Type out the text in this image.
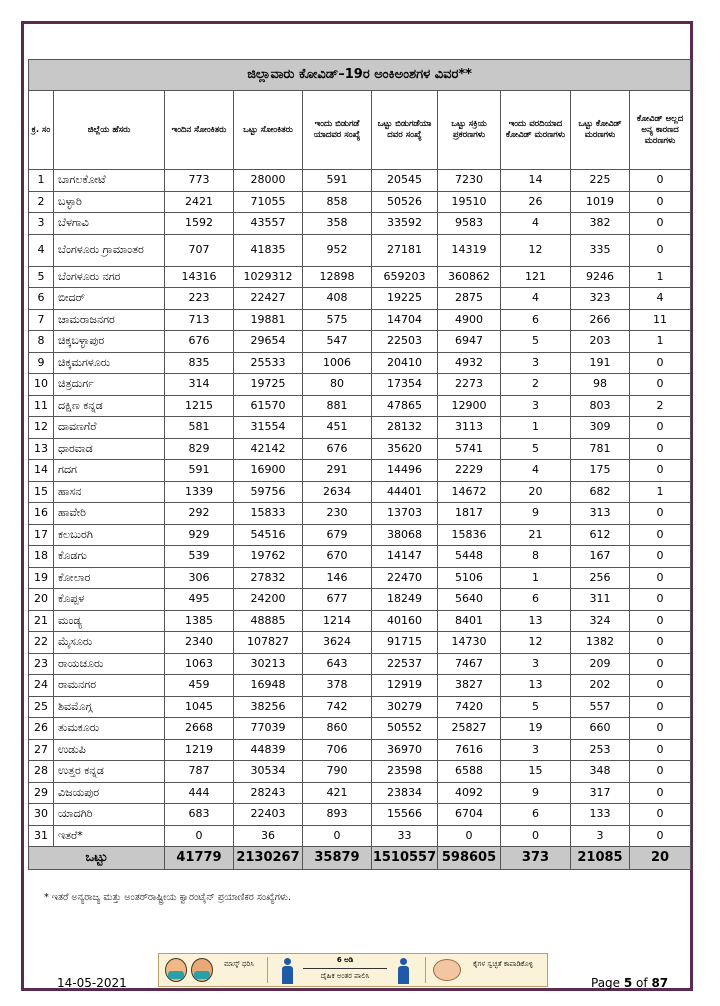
ಜಿಲ್ಲಾವಾರು ಕೋವಿಡ್–19ರ ಅಂಕಿಅಂಶಗಳ ವಿವರ**									
ಕ್ರ. ಸಂ	ಜಿಲ್ಲೆಯ ಹೆಸರು	ಇಂದಿನ ಸೋಂಕಿತರು	ಒಟ್ಟು ಸೋಂಕಿತರು	ಇಂದು ಬಿಡುಗಡೆ ಯಾದವರ ಸಂಖ್ಯೆ	ಒಟ್ಟು ಬಿಡುಗಡೆಯಾ ದವರ ಸಂಖ್ಯೆ	ಒಟ್ಟು ಸಕ್ರಿಯ ಪ್ರಕರಣಗಳು	ಇಂದು ವರದಿಯಾದ ಕೋವಿಡ್ ಮರಣಗಳು	ಒಟ್ಟು ಕೋವಿಡ್ ಮರಣಗಳು	ಕೋವಿಡ್ ಅಲ್ಲದ ಅನ್ಯ ಕಾರಣದ ಮರಣಗಳು
1	ಬಾಗಲಕೋಟೆ	773	28000	591	20545	7230	14	225	0
2	ಬಳ್ಳಾರಿ	2421	71055	858	50526	19510	26	1019	0
3	ಬೆಳಗಾವಿ	1592	43557	358	33592	9583	4	382	0
4	ಬೆಂಗಳೂರು ಗ್ರಾಮಾಂತರ	707	41835	952	27181	14319	12	335	0
5	ಬೆಂಗಳೂರು ನಗರ	14316	1029312	12898	659203	360862	121	9246	1
6	ಬೀದರ್	223	22427	408	19225	2875	4	323	4
7	ಚಾಮರಾಜನಗರ	713	19881	575	14704	4900	6	266	11
8	ಚಿಕ್ಕಬಳ್ಳಾಪುರ	676	29654	547	22503	6947	5	203	1
9	ಚಿಕ್ಕಮಗಳೂರು	835	25533	1006	20410	4932	3	191	0
10	ಚಿತ್ರದುರ್ಗ	314	19725	80	17354	2273	2	98	0
11	ದಕ್ಷಿಣ ಕನ್ನಡ	1215	61570	881	47865	12900	3	803	2
12	ದಾವಣಗೆರೆ	581	31554	451	28132	3113	1	309	0
13	ಧಾರವಾಡ	829	42142	676	35620	5741	5	781	0
14	ಗದಗ	591	16900	291	14496	2229	4	175	0
15	ಹಾಸನ	1339	59756	2634	44401	14672	20	682	1
16	ಹಾವೇರಿ	292	15833	230	13703	1817	9	313	0
17	ಕಲಬುರಗಿ	929	54516	679	38068	15836	21	612	0
18	ಕೊಡಗು	539	19762	670	14147	5448	8	167	0
19	ಕೋಲಾರ	306	27832	146	22470	5106	1	256	0
20	ಕೊಪ್ಪಳ	495	24200	677	18249	5640	6	311	0
21	ಮಂಡ್ಯ	1385	48885	1214	40160	8401	13	324	0
22	ಮೈಸೂರು	2340	107827	3624	91715	14730	12	1382	0
23	ರಾಯಚೂರು	1063	30213	643	22537	7467	3	209	0
24	ರಾಮನಗರ	459	16948	378	12919	3827	13	202	0
25	ಶಿವಮೊಗ್ಗ	1045	38256	742	30279	7420	5	557	0
26	ತುಮಕೂರು	2668	77039	860	50552	25827	19	660	0
27	ಉಡುಪಿ	1219	44839	706	36970	7616	3	253	0
28	ಉತ್ತರ ಕನ್ನಡ	787	30534	790	23598	6588	15	348	0
29	ವಿಜಯಪುರ	444	28243	421	23834	4092	9	317	0
30	ಯಾದಗಿರಿ	683	22403	893	15566	6704	6	133	0
31	ಇತರೆ*	0	36	0	33	0	0	3	0
ಒಟ್ಟು		41779	2130267	35879	1510557	598605	373	21085	20
* ಇತರೆ ಅನ್ಯರಾಜ್ಯ ಮತ್ತು ಅಂತರ್‌ರಾಷ್ಟ್ರೀಯ ಕ್ವಾರಂಟೈನ್ ಪ್ರಯಾಣಿಕರ ಸಂಖ್ಯೆಗಳು.
ಮಾಸ್ಕ್ ಧರಿಸಿ	6 ಅಡಿ
ದೈಹಿಕ ಅಂತರ ಪಾಲಿಸಿ
ಕೈಗಳ ಸ್ವಚ್ಛತೆ ಕಾಪಾಡಿಕೊಳ್ಳಿ
14-05-2021	Page 5 of 87
